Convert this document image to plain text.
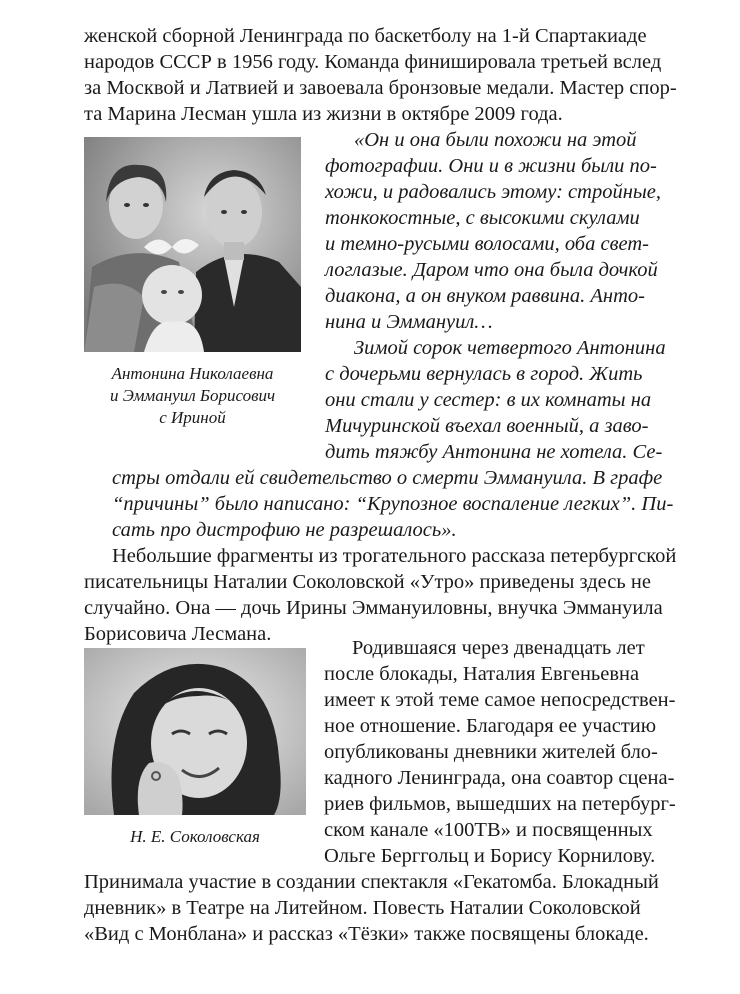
женской сборной Ленинграда по баскетболу на 1-й Спартакиаде
народов СССР в 1956 году. Команда финишировала третьей вслед
за Москвой и Латвией и завоевала бронзовые медали. Мастер спор-
та Марина Лесман ушла из жизни в октябре 2009 года.
Антонина Николаевна
и Эммануил Борисович
с Ириной
«Он и она были похожи на этой
фотографии. Они и в жизни были по-
хожи, и радовались этому: стройные,
тонкокостные, с высокими скулами
и темно-русыми волосами, оба свет-
логлазые. Даром что она была дочкой
диакона, а он внуком раввина. Анто-
нина и Эммануил…
Зимой сорок четвертого Антонина
с дочерьми вернулась в город. Жить
они стали у сестер: в их комнаты на
Мичуринской въехал военный, а заво-
дить тяжбу Антонина не хотела. Се-
стры отдали ей свидетельство о смерти Эммануила. В графе
“причины” было написано: “Крупозное воспаление легких”. Пи-
сать про дистрофию не разрешалось».
Небольшие фрагменты из трогательного рассказа петербургской
писательницы Наталии Соколовской «Утро» приведены здесь не
случайно. Она — дочь Ирины Эммануиловны, внучка Эммануила
Борисовича Лесмана.
Н. Е. Соколовская
Родившаяся через двенадцать лет
после блокады, Наталия Евгеньевна
имеет к этой теме самое непосредствен-
ное отношение. Благодаря ее участию
опубликованы дневники жителей бло-
кадного Ленинграда, она соавтор сцена-
риев фильмов, вышедших на петербург-
ском канале «100ТВ» и посвященных
Ольге Берггольц и Борису Корнилову.
Принимала участие в создании спектакля «Гекатомба. Блокадный
дневник» в Театре на Литейном. Повесть Наталии Соколовской
«Вид с Монблана» и рассказ «Тёзки» также посвящены блокаде.
